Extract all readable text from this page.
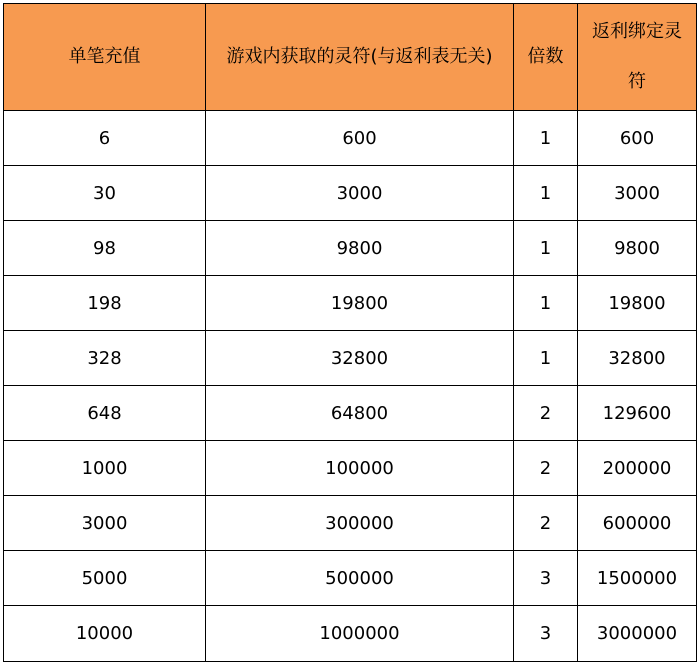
单笔充值	游戏内获取的灵符(与返利表无关)	倍数	返利绑定灵
符

6	600	1	600
30	3000	1	3000
98	9800	1	9800
198	19800	1	19800
328	32800	1	32800
648	64800	2	129600
1000	100000	2	200000
3000	300000	2	600000
5000	500000	3	1500000
10000	1000000	3	3000000
